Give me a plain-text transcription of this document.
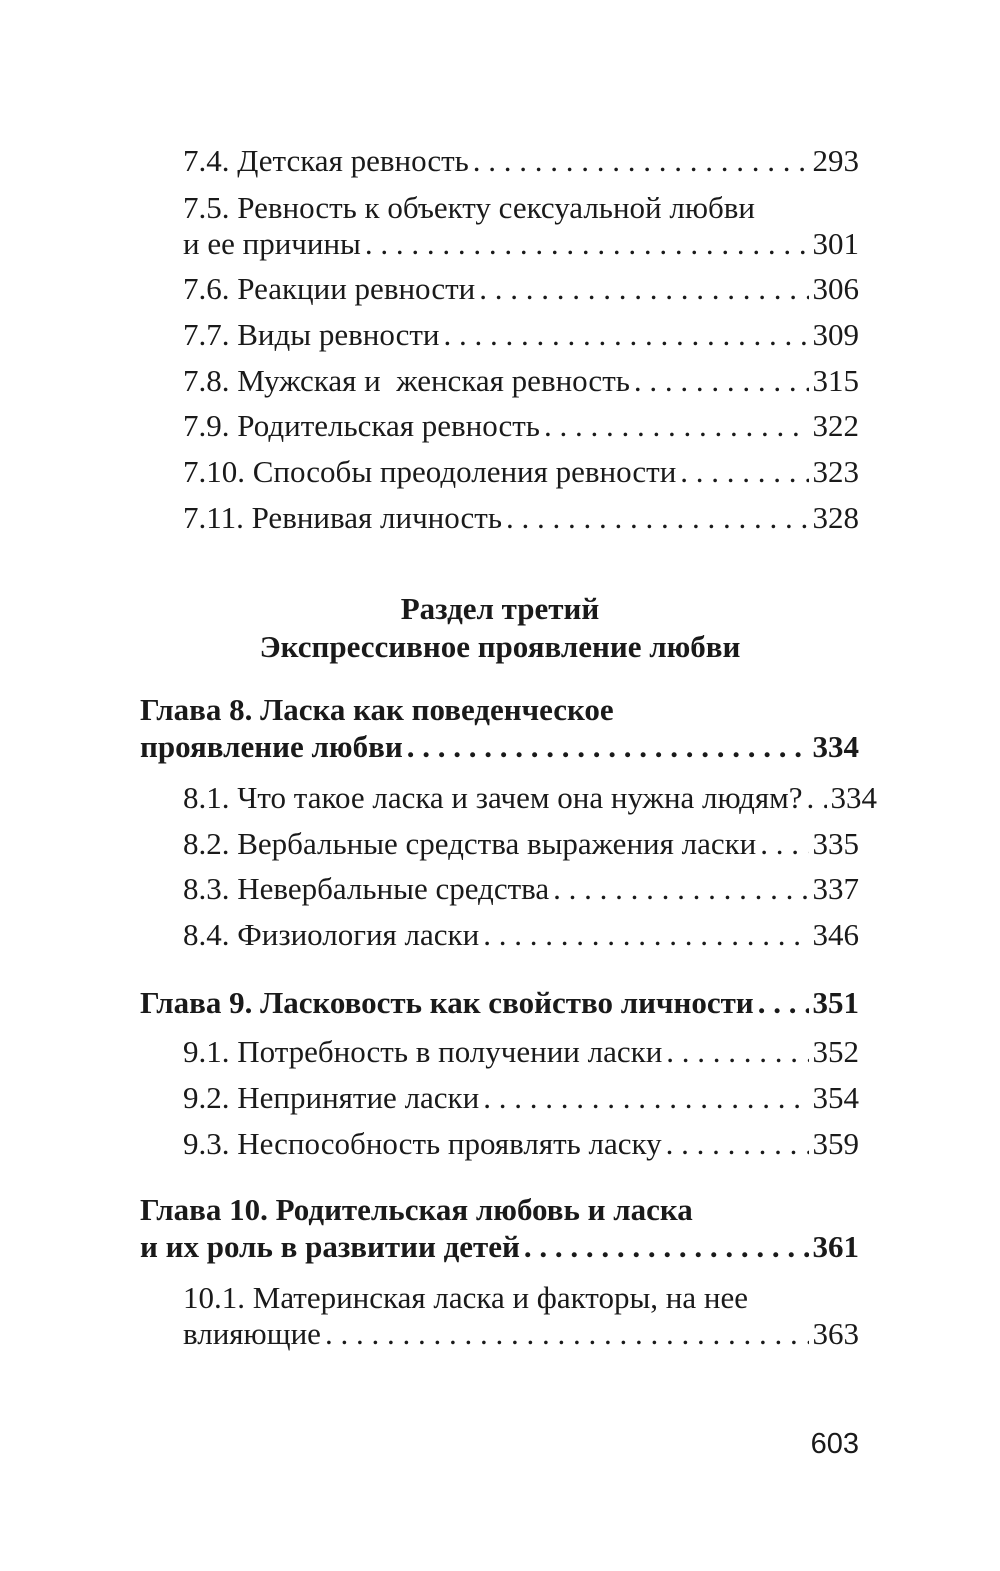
7.4. Детская ревность . . .	293
7.5. Ревность к объекту сексуальной любви
и ее причины . . .	301
7.6. Реакции ревности . . .	306
7.7. Виды ревности . . .	309
7.8. Мужская и  женская ревность . . .	315
7.9. Родительская ревность . . .	322
7.10. Способы преодоления ревности . . .	323
7.11. Ревнивая личность . . .	328
Раздел третий
Экспрессивное проявление любви
Глава 8. Ласка как поведенческое
проявление любви . . .	334
8.1. Что такое ласка и зачем она нужна людям? . . . 334
8.2. Вербальные средства выражения ласки . . . 335
8.3. Невербальные средства . . .	337
8.4. Физиология ласки . . .	346
Глава 9. Ласковость как свойство личности . . . 351
9.1. Потребность в получении ласки . . .	352
9.2. Непринятие ласки . . .	354
9.3. Неспособность проявлять ласку . . .	359
Глава 10. Родительская любовь и ласка
и их роль в развитии детей . . .	361
10.1. Материнская ласка и факторы, на нее
влияющие . . .	363
603
